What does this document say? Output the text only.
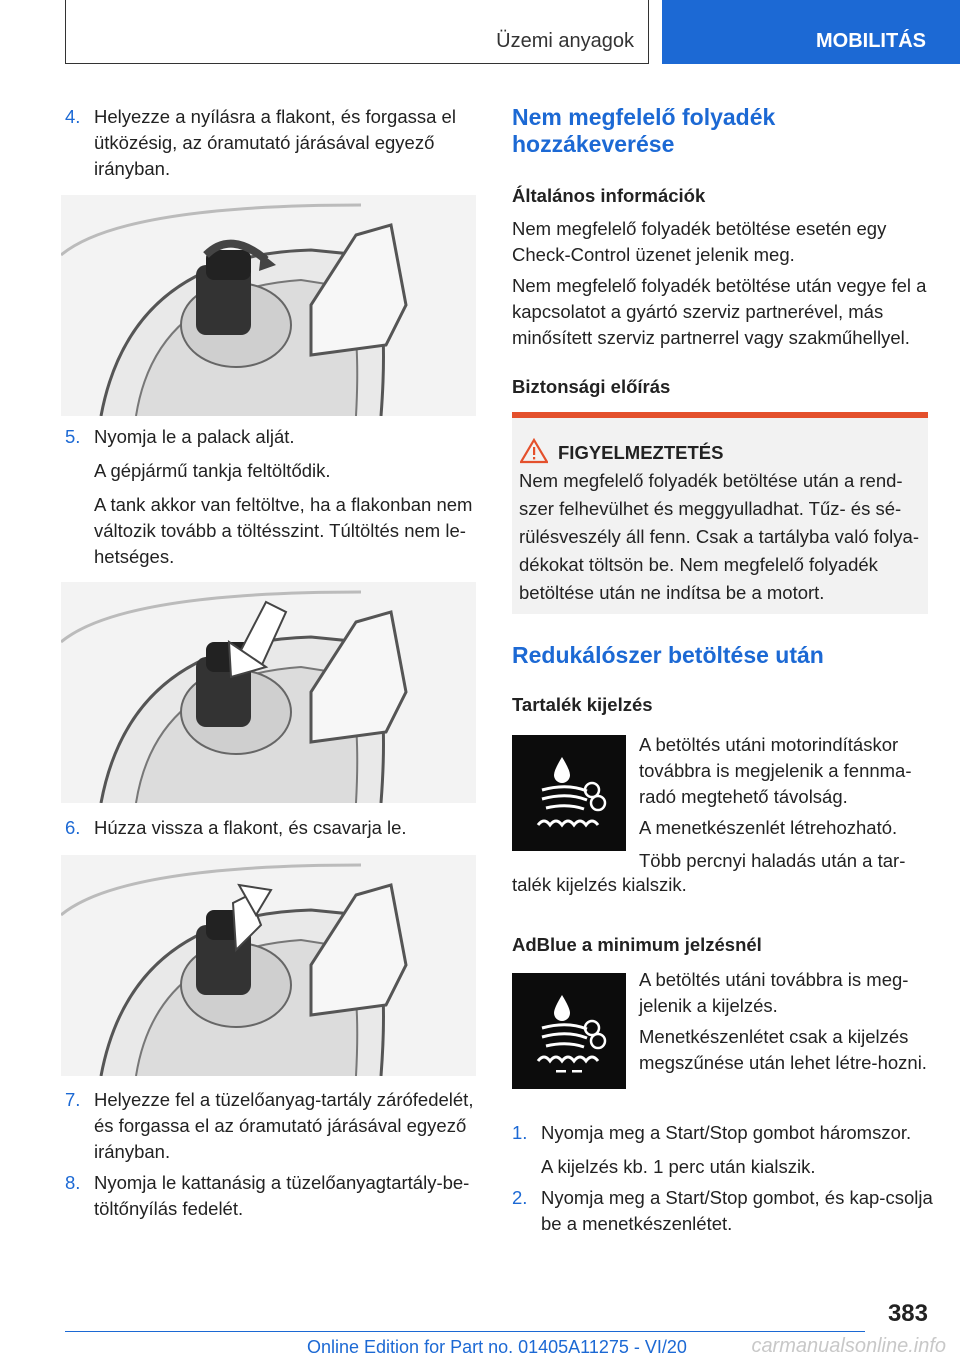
Üzemi anyagok	MOBILITÁS
4. Helyezze a nyílásra a flakont, és forgassa el ütközésig, az óramutató járásával egyező irányban.
5. Nyomja le a palack alját.
A gépjármű tankja feltöltődik.
A tank akkor van feltöltve, ha a flakonban nem változik tovább a töltésszint. Túltöltés nem le-hetséges.
6. Húzza vissza a flakont, és csavarja le.
7. Helyezze fel a tüzelőanyag-tartály zárófedelét, és forgassa el az óramutató járásával egyező irányban.
8. Nyomja le kattanásig a tüzelőanyagtartály-be-töltőnyílás fedelét.
Nem megfelelő folyadék hozzákeverése
Általános információk
Nem megfelelő folyadék betöltése esetén egy Check-Control üzenet jelenik meg.
Nem megfelelő folyadék betöltése után vegye fel a kapcsolatot a gyártó szerviz partnerével, más minősített szerviz partnerrel vagy szakműhellyel.
Biztonsági előírás
FIGYELMEZTETÉS
Nem megfelelő folyadék betöltése után a rend-szer felhevülhet és meggyulladhat. Tűz- és sé-rülésveszély áll fenn. Csak a tartályba való folya-dékokat töltsön be. Nem megfelelő folyadék betöltése után ne indítsa be a motort.
Redukálószer betöltése után
Tartalék kijelzés
A betöltés utáni motorindításkor továbbra is megjelenik a fennma-radó megtehető távolság.
A menetkészenlét létrehozható.
Több percnyi haladás után a tar-
talék kijelzés kialszik.
AdBlue a minimum jelzésnél
A betöltés utáni továbbra is meg-jelenik a kijelzés.
Menetkészenlétet csak a kijelzés megszűnése után lehet létre-hozni.
1. Nyomja meg a Start/Stop gombot háromszor.
A kijelzés kb. 1 perc után kialszik.
2. Nyomja meg a Start/Stop gombot, és kap-csolja be a menetkészenlétet.
383
Online Edition for Part no. 01405A11275 - VI/20	carmanualsonline.info
